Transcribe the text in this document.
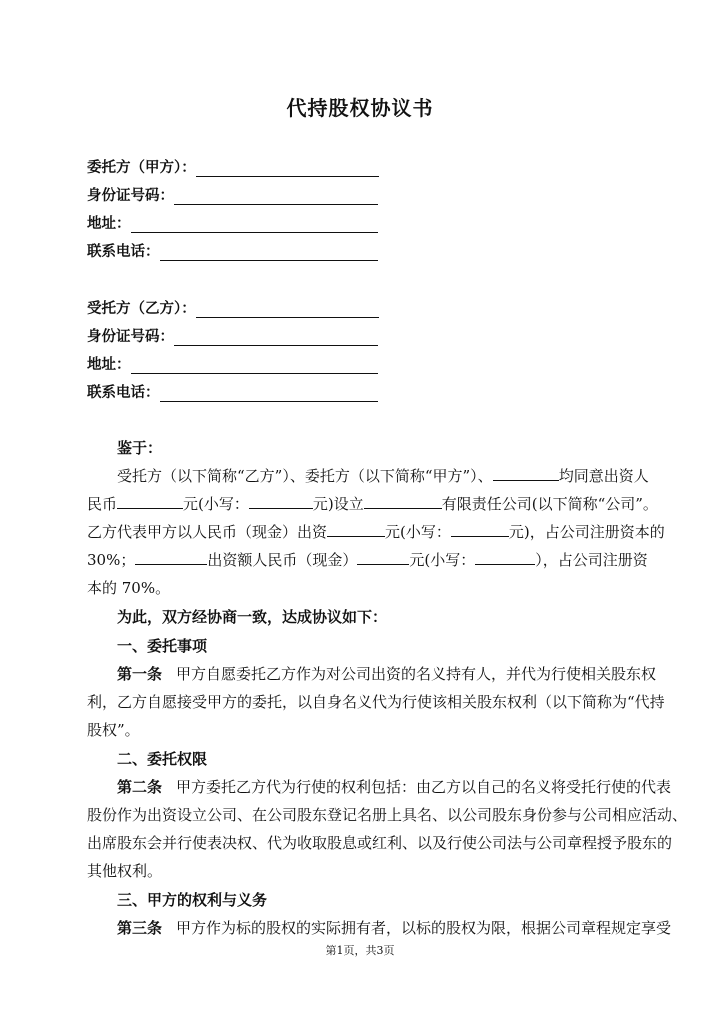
代持股权协议书
委托方（甲方）：
身份证号码：
地址：
联系电话：
受托方（乙方）：
身份证号码：
地址：
联系电话：
鉴于：
受托方（以下简称“乙方”）、委托方（以下简称“甲方”）、	均同意出资人
民币	元(小写：	元)设立	有限责任公司(以下简称“公司”。
乙方代表甲方以人民币（现金）出资	元(小写：	元)，占公司注册资本的
30%；	出资额人民币（现金）	元(小写：	），占公司注册资
本的 70%。
为此，双方经协商一致，达成协议如下：
一、委托事项
第一条 甲方自愿委托乙方作为对公司出资的名义持有人，并代为行使相关股东权
利，乙方自愿接受甲方的委托，以自身名义代为行使该相关股东权利（以下简称为“代持
股权”。
二、委托权限
第二条 甲方委托乙方代为行使的权利包括：由乙方以自己的名义将受托行使的代表
股份作为出资设立公司、在公司股东登记名册上具名、以公司股东身份参与公司相应活动、
出席股东会并行使表决权、代为收取股息或红利、以及行使公司法与公司章程授予股东的
其他权利。
三、甲方的权利与义务
第三条 甲方作为标的股权的实际拥有者，以标的股权为限，根据公司章程规定享受
第1页，共3页
